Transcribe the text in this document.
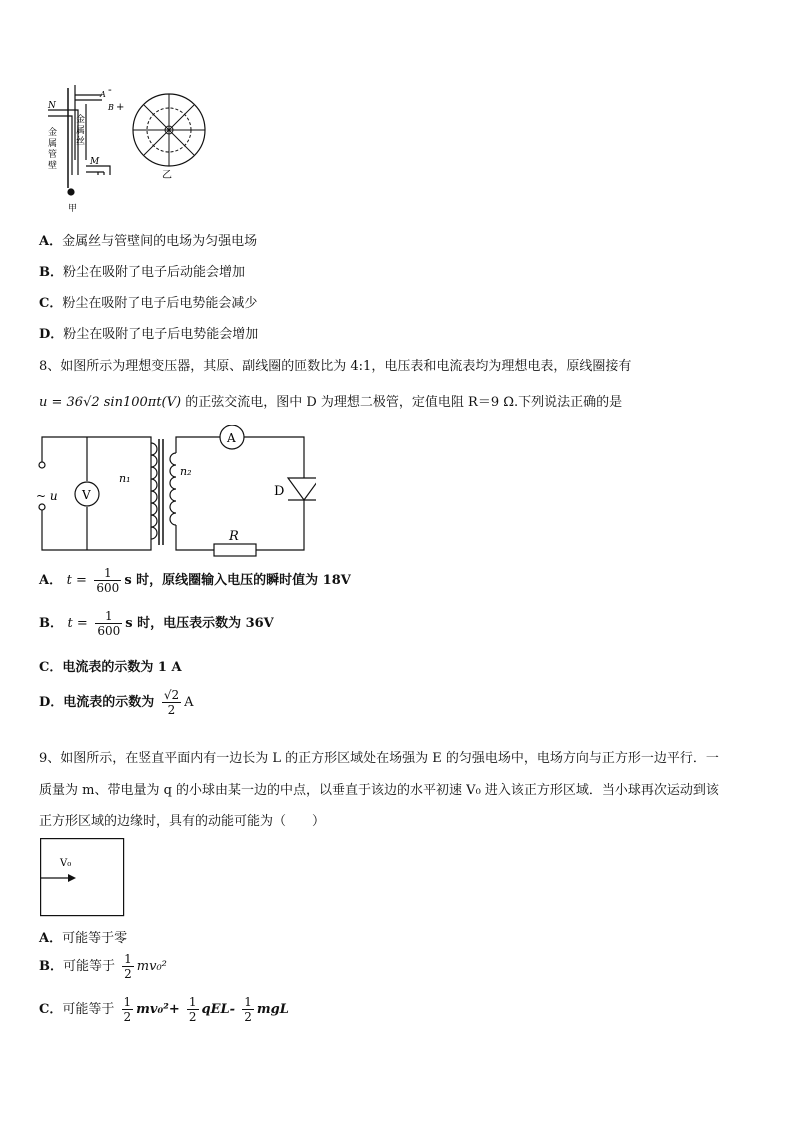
N
M
A
B
-
+
金属管壁
金属丝
甲
乙
A．金属丝与管壁间的电场为匀强电场
B．粉尘在吸附了电子后动能会增加
C．粉尘在吸附了电子后电势能会减少
D．粉尘在吸附了电子后电势能会增加
8、如图所示为理想变压器，其原、副线圈的匝数比为 4:1，电压表和电流表均为理想电表，原线圈接有
u = 36√2 sin100πt(V) 的正弦交流电，图中 D 为理想二极管，定值电阻 R＝9 Ω.下列说法正确的是
V
A
D
R
n₁
n₂
~ u
A． $t = \frac{1}{600}$ s 时，原线圈输入电压的瞬时值为 18V
B． $t = \frac{1}{600}$ s 时，电压表示数为 36V
C．电流表的示数为 1 A
D．电流表的示数为 $\frac{√2}{2}$ A
9、如图所示，在竖直平面内有一边长为 L 的正方形区域处在场强为 E 的匀强电场中，电场方向与正方形一边平行．一
质量为 m、带电量为 q 的小球由某一边的中点，以垂直于该边的水平初速 V₀ 进入该正方形区域．当小球再次运动到该
正方形区域的边缘时，具有的动能可能为（　　）
V₀
A．可能等于零
B．可能等于 $\frac{1}{2} mv_0^2$
C．可能等于 $\frac{1}{2} mv_0^2+ \frac{1}{2} qEL- \frac{1}{2}$ mgL
